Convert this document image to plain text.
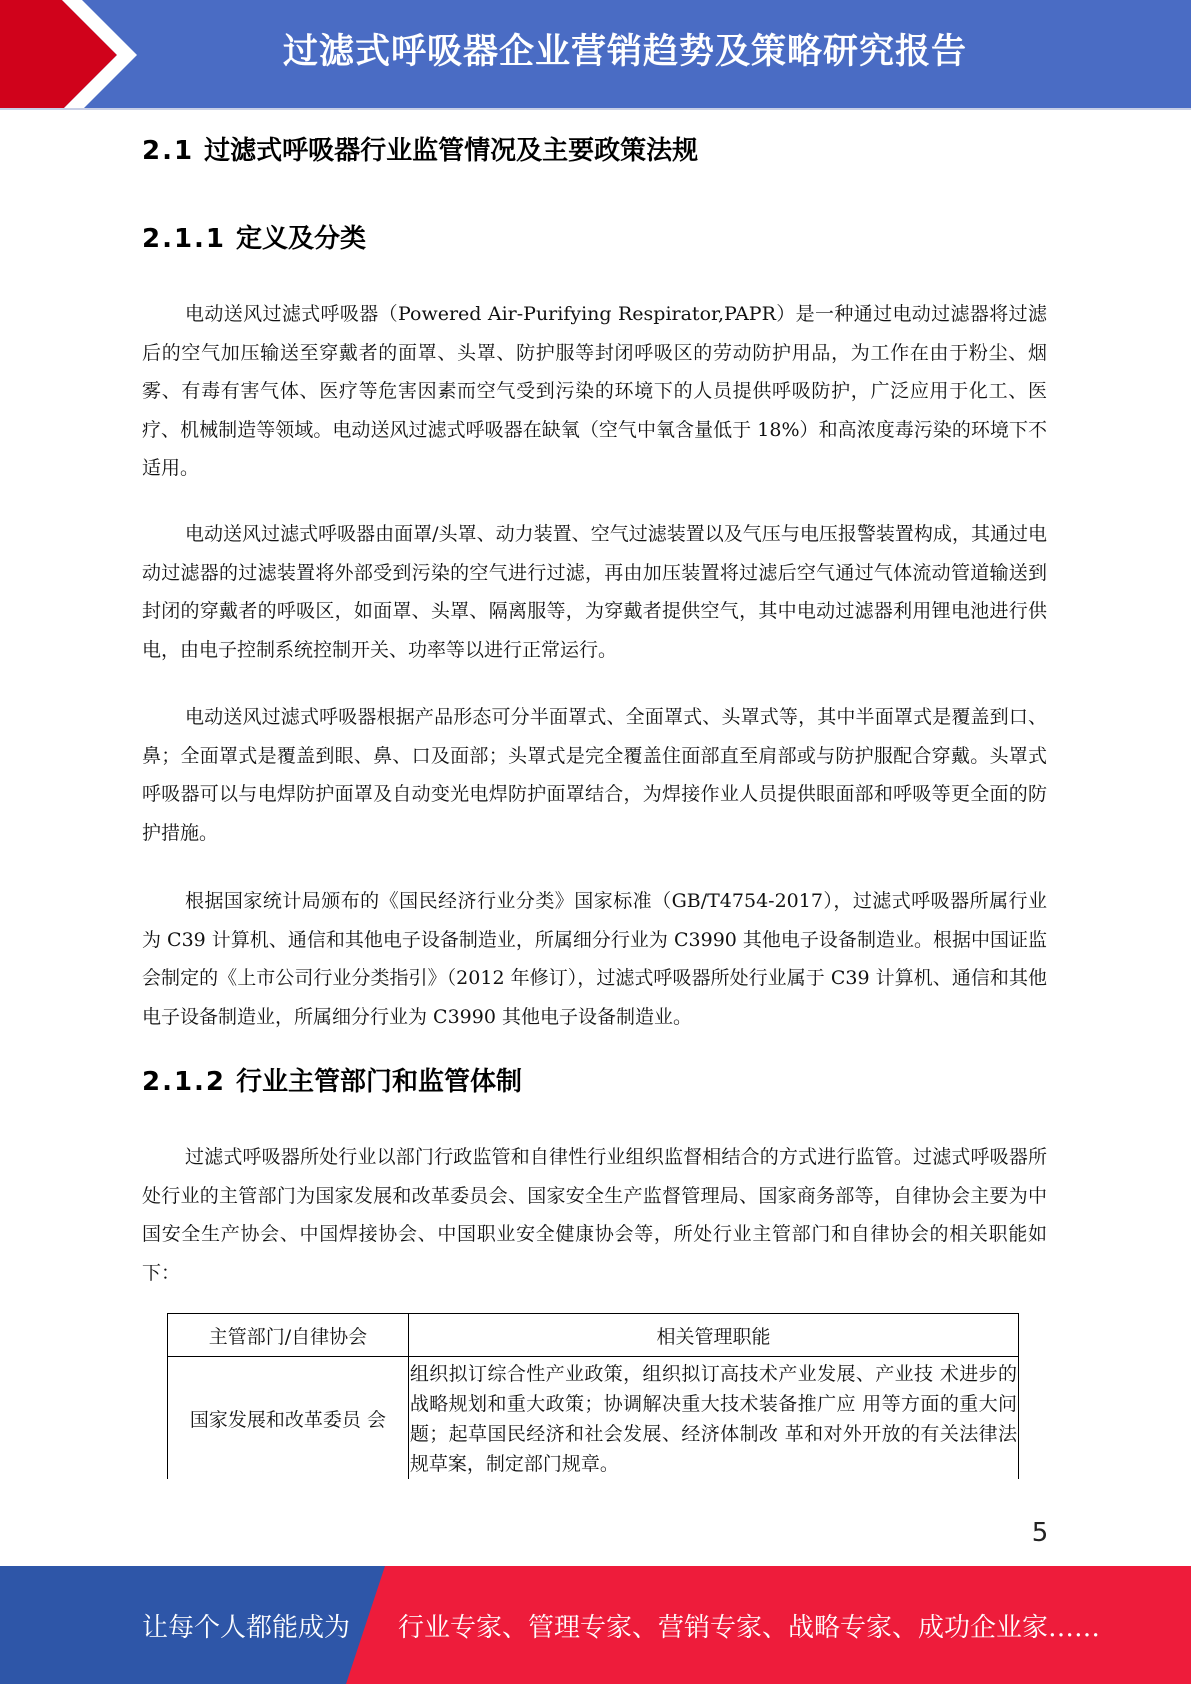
过滤式呼吸器企业营销趋势及策略研究报告
2.1 过滤式呼吸器行业监管情况及主要政策法规
2.1.1 定义及分类

电动送风过滤式呼吸器（Powered Air-Purifying Respirator,PAPR）是一种通过电动过滤器将过滤后的空气加压输送至穿戴者的面罩、头罩、防护服等封闭呼吸区的劳动防护用品，为工作在由于粉尘、烟雾、有毒有害气体、医疗等危害因素而空气受到污染的环境下的人员提供呼吸防护，广泛应用于化工、医疗、机械制造等领域。电动送风过滤式呼吸器在缺氧（空气中氧含量低于 18%）和高浓度毒污染的环境下不适用。

电动送风过滤式呼吸器由面罩/头罩、动力装置、空气过滤装置以及气压与电压报警装置构成，其通过电动过滤器的过滤装置将外部受到污染的空气进行过滤，再由加压装置将过滤后空气通过气体流动管道输送到封闭的穿戴者的呼吸区，如面罩、头罩、隔离服等，为穿戴者提供空气，其中电动过滤器利用锂电池进行供电，由电子控制系统控制开关、功率等以进行正常运行。

电动送风过滤式呼吸器根据产品形态可分半面罩式、全面罩式、头罩式等，其中半面罩式是覆盖到口、鼻；全面罩式是覆盖到眼、鼻、口及面部；头罩式是完全覆盖住面部直至肩部或与防护服配合穿戴。头罩式呼吸器可以与电焊防护面罩及自动变光电焊防护面罩结合，为焊接作业人员提供眼面部和呼吸等更全面的防护措施。

根据国家统计局颁布的《国民经济行业分类》国家标准（GB/T4754-2017），过滤式呼吸器所属行业为 C39 计算机、通信和其他电子设备制造业，所属细分行业为 C3990 其他电子设备制造业。根据中国证监会制定的《上市公司行业分类指引》（2012 年修订），过滤式呼吸器所处行业属于 C39 计算机、通信和其他电子设备制造业，所属细分行业为 C3990 其他电子设备制造业。

2.1.2 行业主管部门和监管体制

过滤式呼吸器所处行业以部门行政监管和自律性行业组织监督相结合的方式进行监管。过滤式呼吸器所处行业的主管部门为国家发展和改革委员会、国家安全生产监督管理局、国家商务部等，自律协会主要为中国安全生产协会、中国焊接协会、中国职业安全健康协会等，所处行业主管部门和自律协会的相关职能如下：

主管部门/自律协会	相关管理职能
国家发展和改革委员 会	组织拟订综合性产业政策，组织拟订高技术产业发展、产业技 术进步的战略规划和重大政策；协调解决重大技术装备推广应 用等方面的重大问题；起草国民经济和社会发展、经济体制改 革和对外开放的有关法律法规草案，制定部门规章。
5
让每个人都能成为 行业专家、管理专家、营销专家、战略专家、成功企业家……
